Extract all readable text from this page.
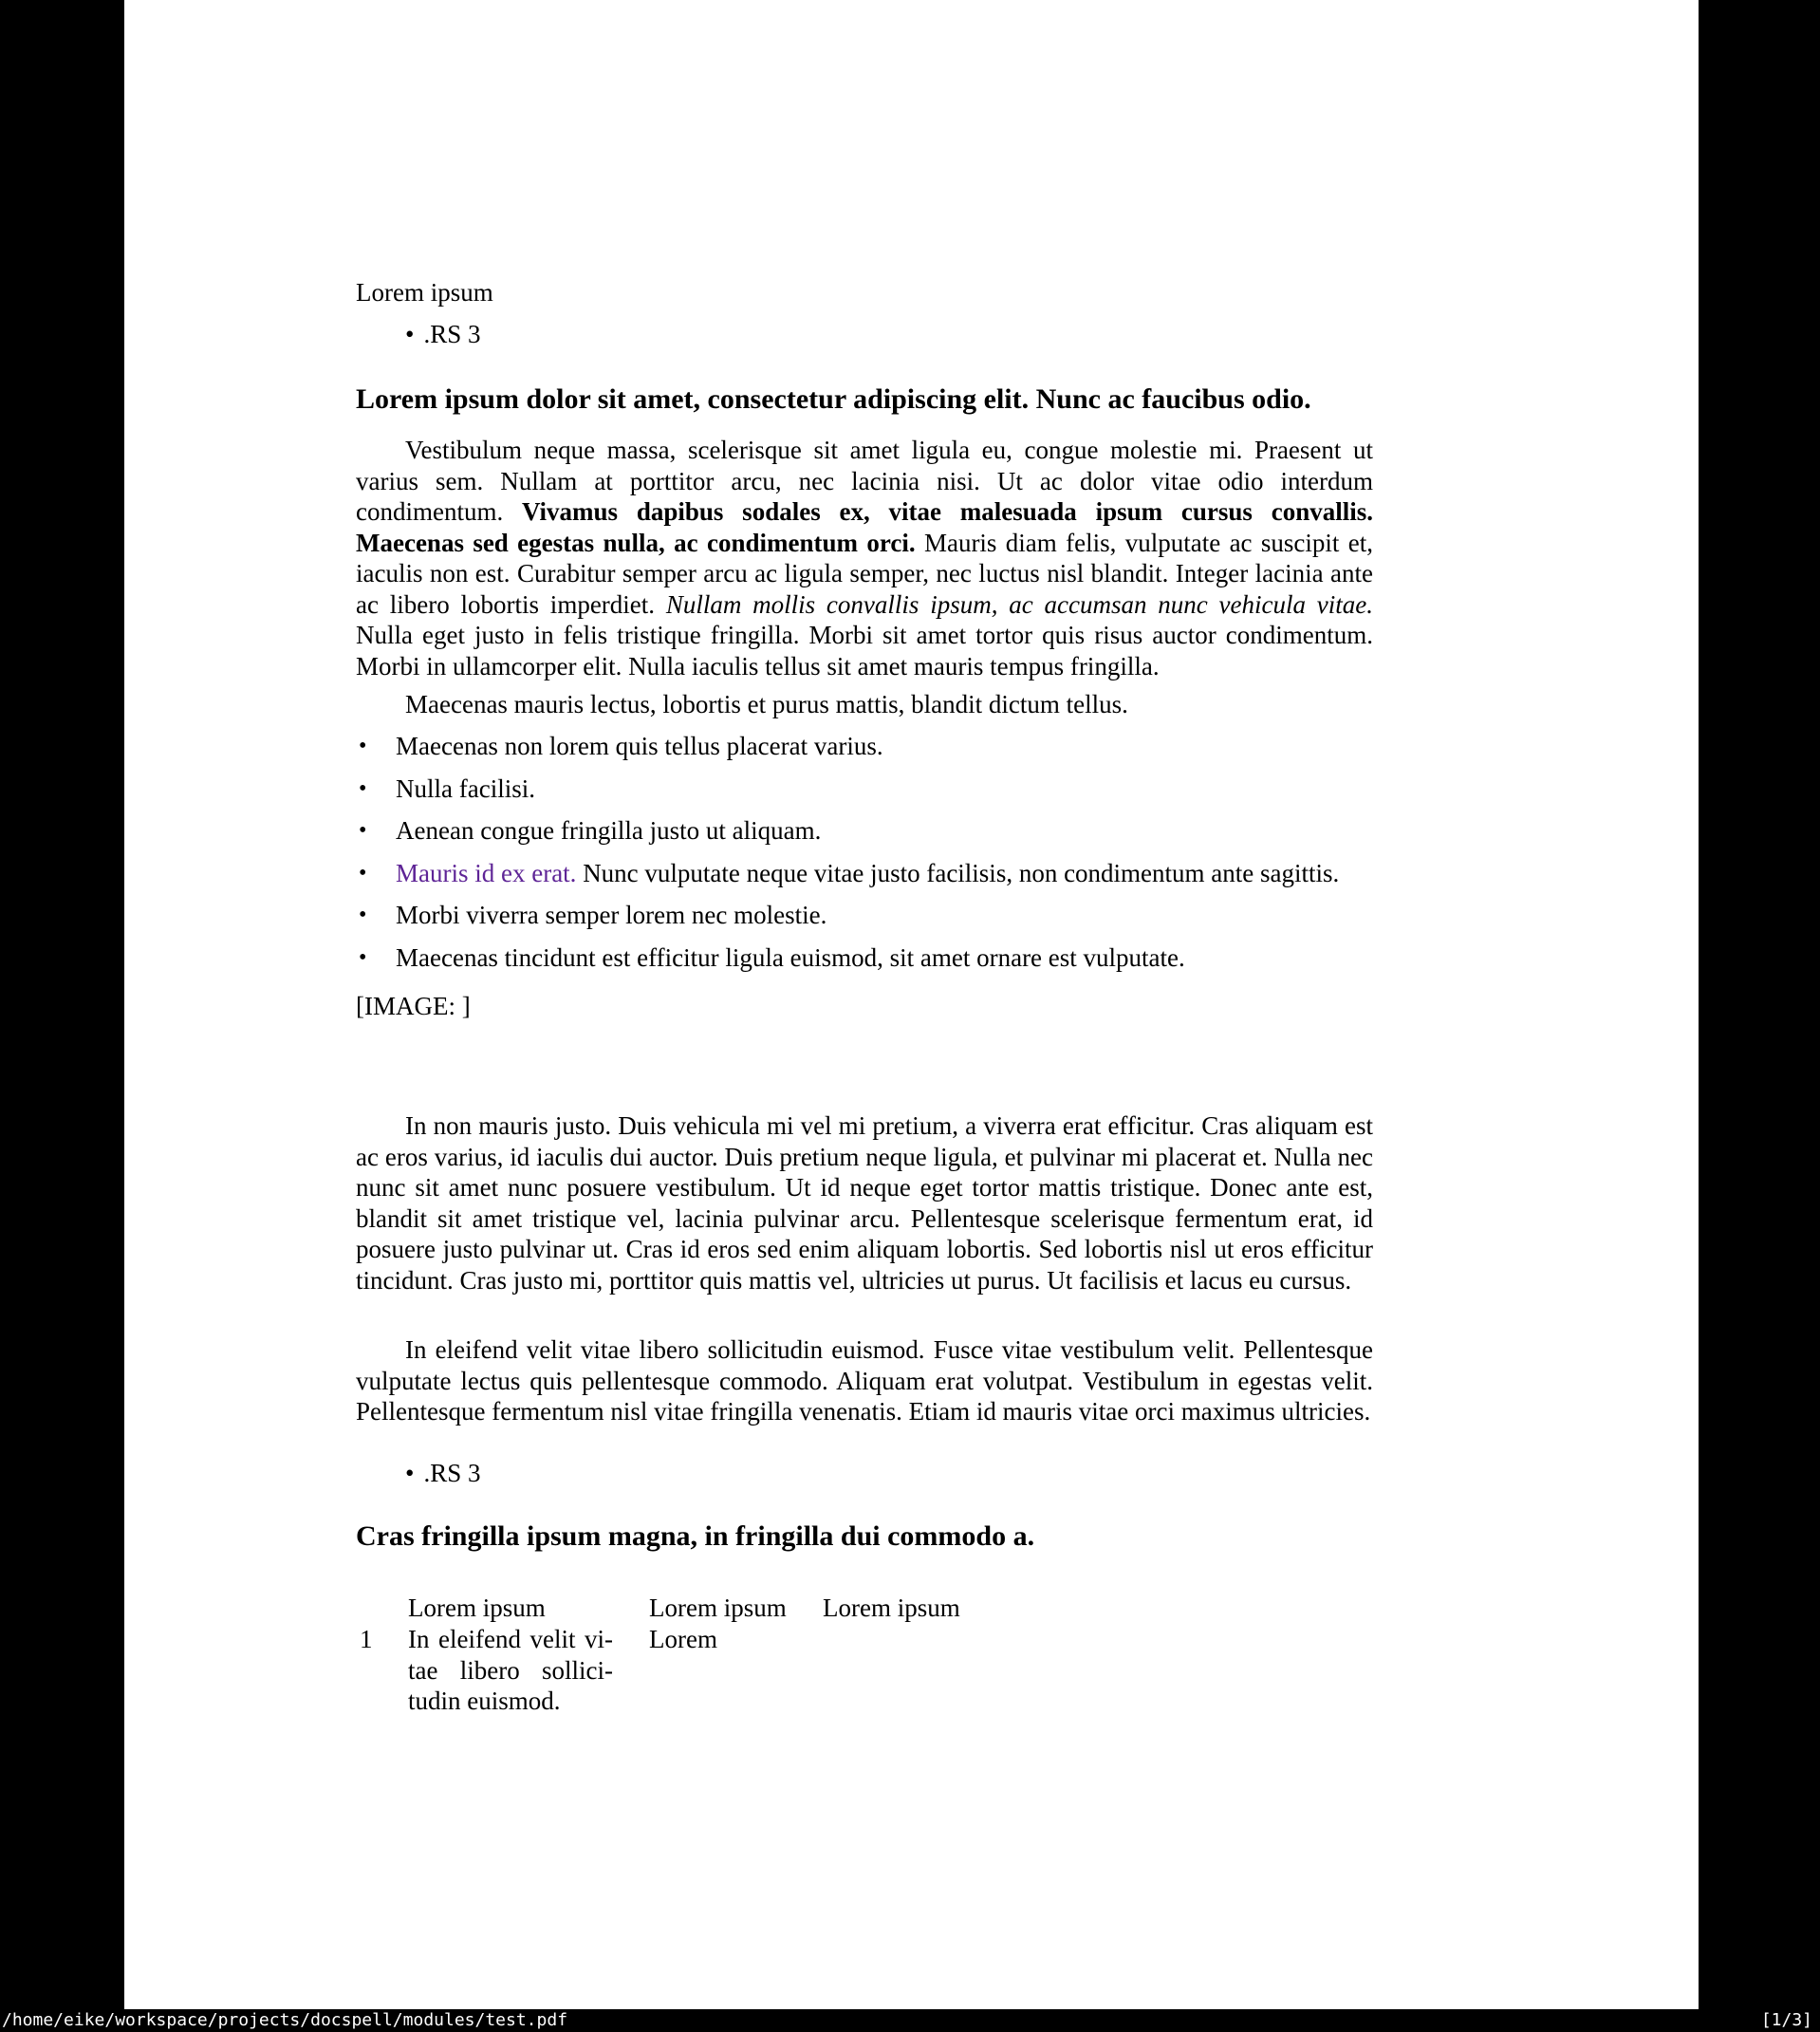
Lorem ipsum
• .RS 3
Lorem ipsum dolor sit amet, consectetur adipiscing elit. Nunc ac faucibus odio.

Vestibulum neque massa, scelerisque sit amet ligula eu, congue molestie mi. Praesent ut varius sem. Nullam at porttitor arcu, nec lacinia nisi. Ut ac dolor vitae odio interdum condimentum. Vivamus dapibus sodales ex, vitae malesuada ipsum cursus convallis. Maecenas sed egestas nulla, ac condimentum orci. Mauris diam felis, vulputate ac suscipit et, iaculis non est. Curabitur semper arcu ac ligula semper, nec luctus nisl blandit. Integer lacinia ante ac libero lobortis imperdiet. Nullam mollis convallis ipsum, ac accumsan nunc vehicula vitae. Nulla eget justo in felis tristique fringilla. Morbi sit amet tortor quis risus auctor condimentum. Morbi in ullamcorper elit. Nulla iaculis tellus sit amet mauris tempus fringilla.

Maecenas mauris lectus, lobortis et purus mattis, blandit dictum tellus.

• Maecenas non lorem quis tellus placerat varius.
• Nulla facilisi.
• Aenean congue fringilla justo ut aliquam.
• Mauris id ex erat. Nunc vulputate neque vitae justo facilisis, non condimentum ante sagittis.
• Morbi viverra semper lorem nec molestie.
• Maecenas tincidunt est efficitur ligula euismod, sit amet ornare est vulputate.
[IMAGE: ]

In non mauris justo. Duis vehicula mi vel mi pretium, a viverra erat efficitur. Cras aliquam est ac eros varius, id iaculis dui auctor. Duis pretium neque ligula, et pulvinar mi placerat et. Nulla nec nunc sit amet nunc posuere vestibulum. Ut id neque eget tortor mattis tristique. Donec ante est, blandit sit amet tristique vel, lacinia pulvinar arcu. Pellentesque scelerisque fermentum erat, id posuere justo pulvinar ut. Cras id eros sed enim aliquam lobortis. Sed lobortis nisl ut eros efficitur tincidunt. Cras justo mi, porttitor quis mattis vel, ultricies ut purus. Ut facilisis et lacus eu cursus.

In eleifend velit vitae libero sollicitudin euismod. Fusce vitae vestibulum velit. Pellentesque vulputate lectus quis pellentesque commodo. Aliquam erat volutpat. Vestibulum in egestas velit. Pellentesque fermentum nisl vitae fringilla venenatis. Etiam id mauris vitae orci maximus ultricies.

• .RS 3
Cras fringilla ipsum magna, in fringilla dui commodo a.
Lorem ipsum	Lorem ipsum Lorem ipsum
1 In eleifend velit vi-
tae libero sollici-
tudin euismod.
Lorem
/home/eike/workspace/projects/docspell/modules/test.pdf	[1/3]
